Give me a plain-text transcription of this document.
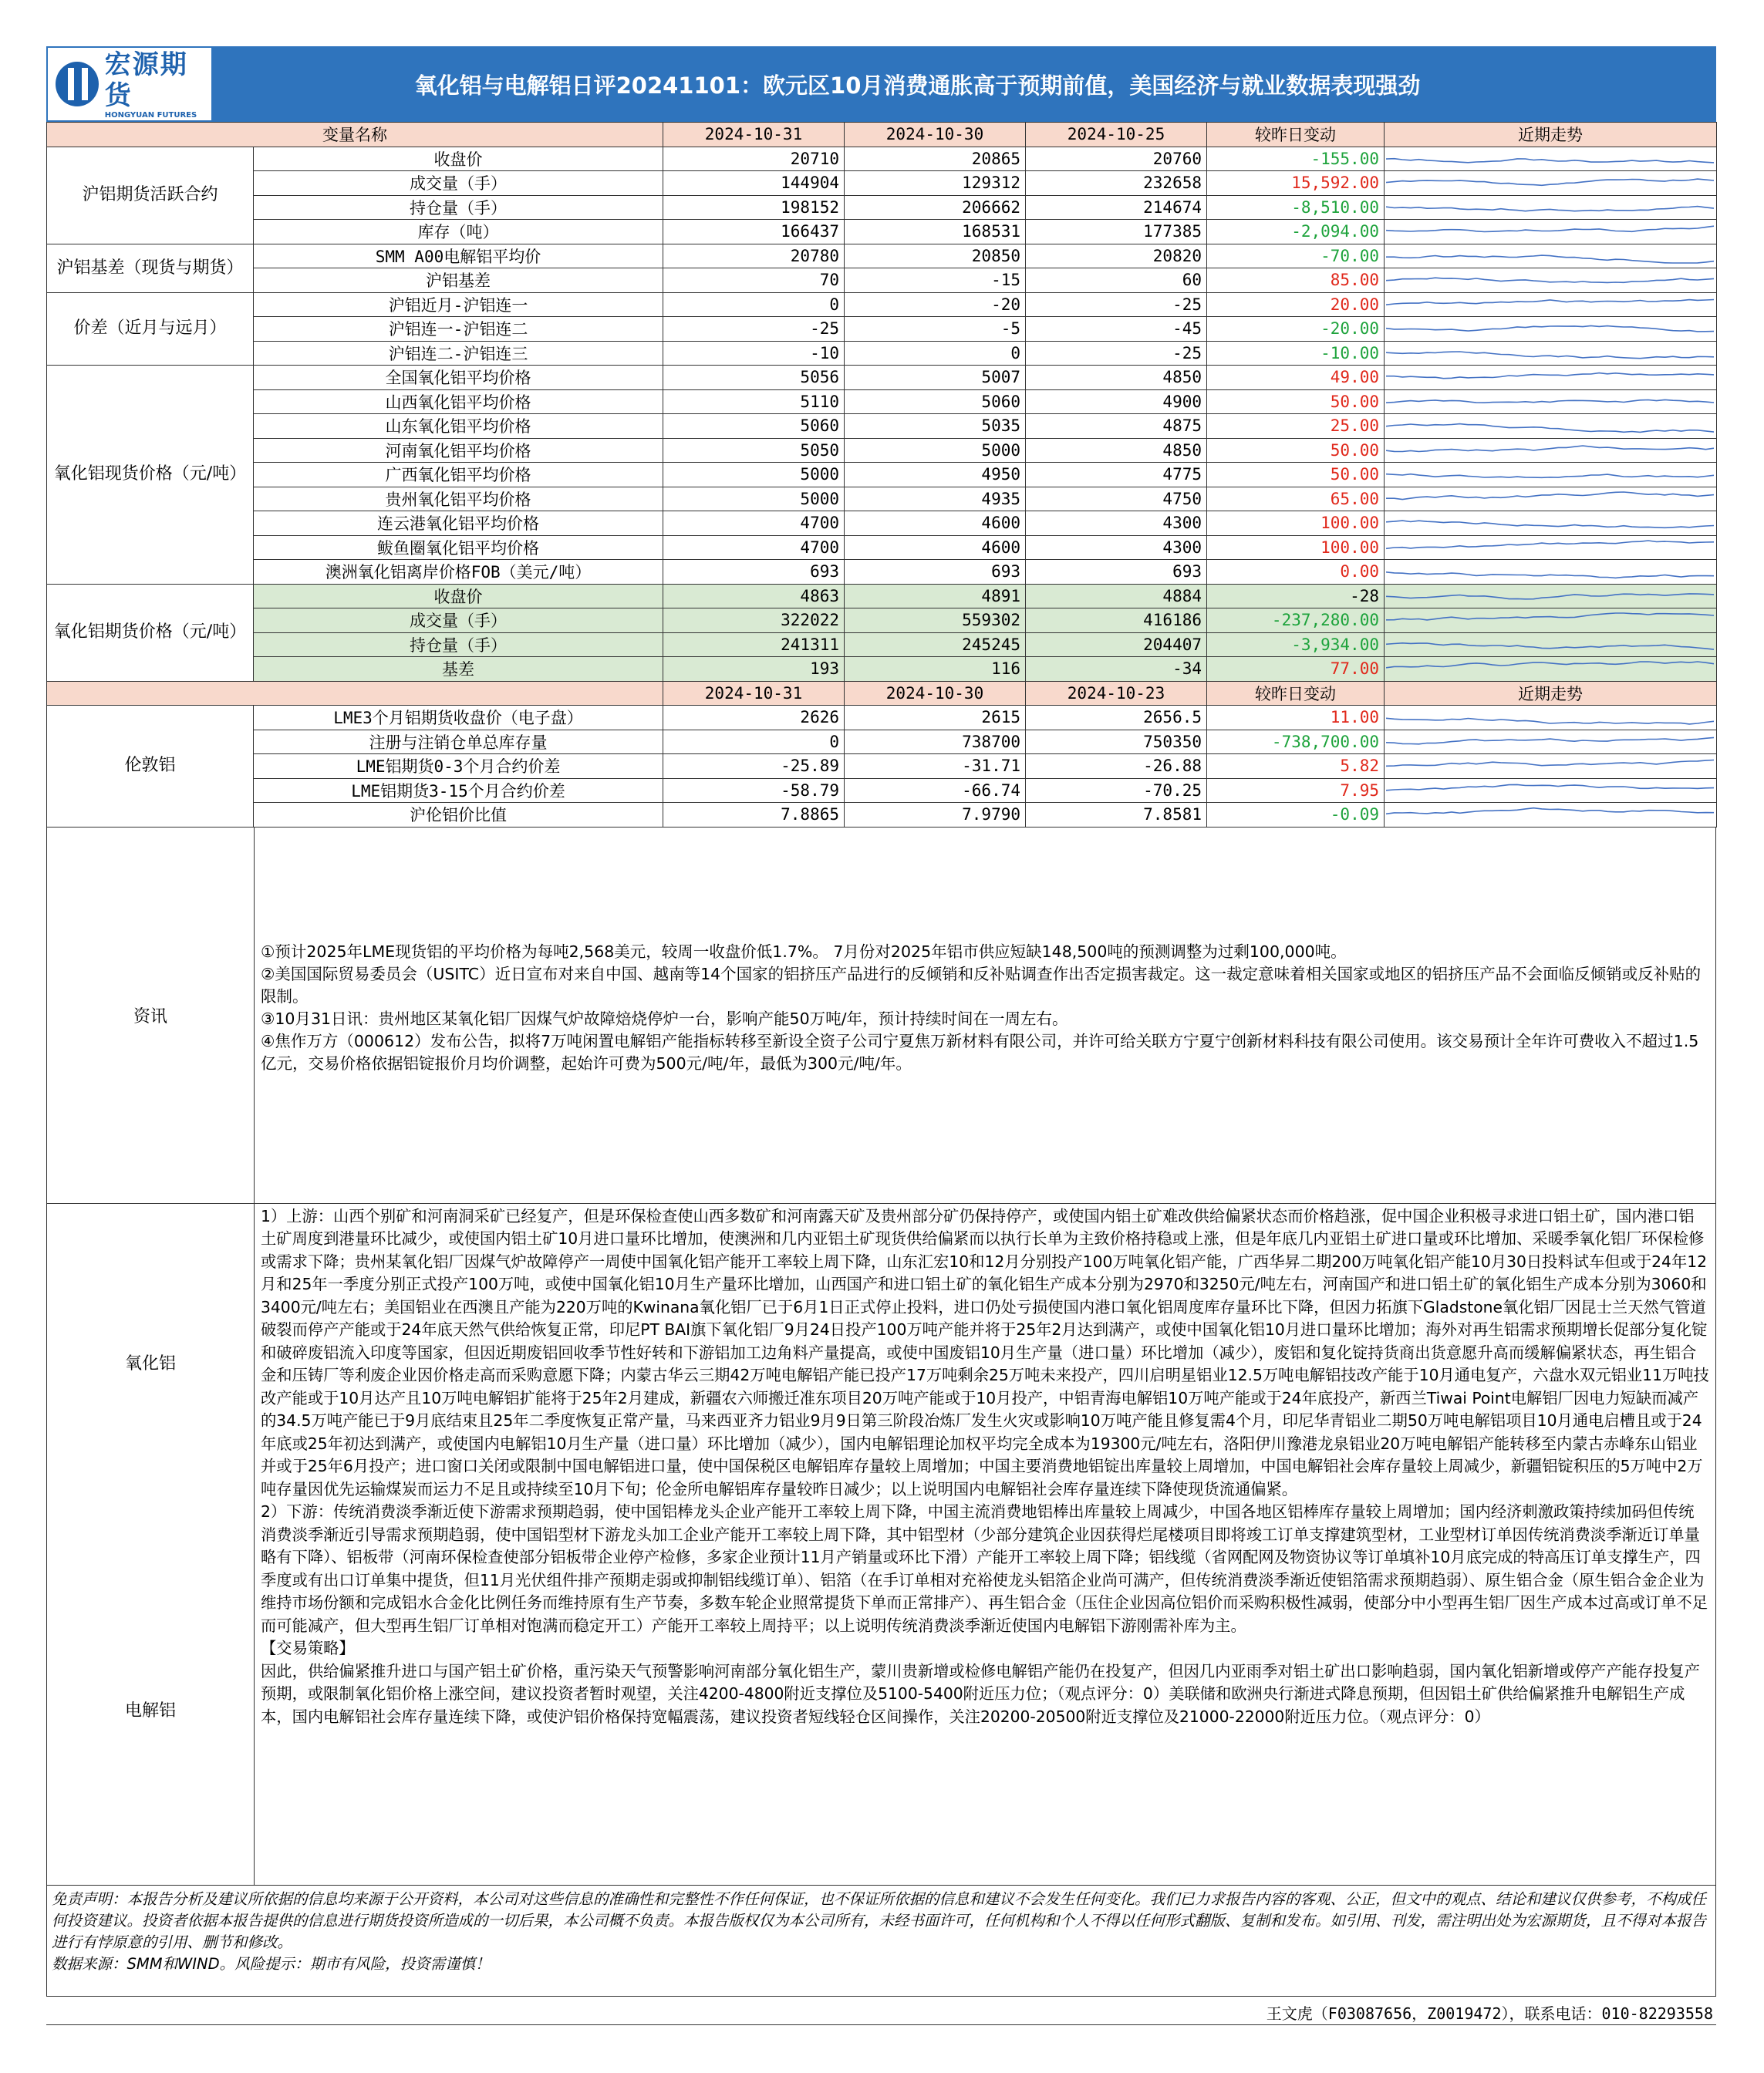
宏源期货
HONGYUAN FUTURES
氧化铝与电解铝日评20241101：欧元区10月消费通胀高于预期前值，美国经济与就业数据表现强劲
变量名称		2024-10-31	2024-10-30	2024-10-25	较昨日变动	近期走势
沪铝期货活跃合约	收盘价	20710	20865	20760	-155.00	

	成交量（手）	144904	129312	232658	15,592.00	

	持仓量（手）	198152	206662	214674	-8,510.00	

	库存（吨）	166437	168531	177385	-2,094.00	

沪铝基差（现货与期货）	SMM A00电解铝平均价	20780	20850	20820	-70.00	

	沪铝基差	70	-15	60	85.00	

价差（近月与远月）	沪铝近月-沪铝连一	0	-20	-25	20.00	

	沪铝连一-沪铝连二	-25	-5	-45	-20.00	

	沪铝连二-沪铝连三	-10	0	-25	-10.00	

氧化铝现货价格（元/吨）	全国氧化铝平均价格	5056	5007	4850	49.00	

	山西氧化铝平均价格	5110	5060	4900	50.00	

	山东氧化铝平均价格	5060	5035	4875	25.00	

	河南氧化铝平均价格	5050	5000	4850	50.00	

	广西氧化铝平均价格	5000	4950	4775	50.00	

	贵州氧化铝平均价格	5000	4935	4750	65.00	

	连云港氧化铝平均价格	4700	4600	4300	100.00	

	鲅鱼圈氧化铝平均价格	4700	4600	4300	100.00	

	澳洲氧化铝离岸价格FOB（美元/吨）	693	693	693	0.00	

氧化铝期货价格（元/吨）	收盘价	4863	4891	4884	-28	

	成交量（手）	322022	559302	416186	-237,280.00	

	持仓量（手）	241311	245245	204407	-3,934.00	

	基差	193	116	-34	77.00	

		2024-10-31	2024-10-30	2024-10-23	较昨日变动	近期走势
伦敦铝	LME3个月铝期货收盘价（电子盘）	2626	2615	2656.5	11.00	

	注册与注销仓单总库存量	0	738700	750350	-738,700.00	

	LME铝期货0-3个月合约价差	-25.89	-31.71	-26.88	5.82	

	LME铝期货3-15个月合约价差	-58.79	-66.74	-70.25	7.95	

	沪伦铝价比值	7.8865	7.9790	7.8581	-0.09	
资讯
①预计2025年LME现货铝的平均价格为每吨2,568美元，较周一收盘价低1.7%。 7月份对2025年铝市供应短缺148,500吨的预测调整为过剩100,000吨。
②美国国际贸易委员会（USITC）近日宣布对来自中国、越南等14个国家的铝挤压产品进行的反倾销和反补贴调查作出否定损害裁定。这一裁定意味着相关国家或地区的铝挤压产品不会面临反倾销或反补贴的限制。
③10月31日讯：贵州地区某氧化铝厂因煤气炉故障焙烧停炉一台，影响产能50万吨/年，预计持续时间在一周左右。
④焦作万方（000612）发布公告，拟将7万吨闲置电解铝产能指标转移至新设全资子公司宁夏焦万新材料有限公司，并许可给关联方宁夏宁创新材料科技有限公司使用。该交易预计全年许可费收入不超过1.5亿元，交易价格依据铝锭报价月均价调整，起始许可费为500元/吨/年，最低为300元/吨/年。
氧化铝
电解铝
1）上游：山西个别矿和河南洞采矿已经复产，但是环保检查使山西多数矿和河南露天矿及贵州部分矿仍保持停产，或使国内铝土矿难改供给偏紧状态而价格趋涨，促中国企业积极寻求进口铝土矿，国内港口铝土矿周度到港量环比减少，或使国内铝土矿10月进口量环比增加，使澳洲和几内亚铝土矿现货供给偏紧而以执行长单为主致价格持稳或上涨，但是年底几内亚铝土矿进口量或环比增加、采暖季氧化铝厂环保检修或需求下降；贵州某氧化铝厂因煤气炉故障停产一周使中国氧化铝产能开工率较上周下降，山东汇宏10和12月分别投产100万吨氧化铝产能，广西华昇二期200万吨氧化铝产能10月30日投料试车但或于24年12月和25年一季度分别正式投产100万吨，或使中国氧化铝10月生产量环比增加，山西国产和进口铝土矿的氧化铝生产成本分别为2970和3250元/吨左右，河南国产和进口铝土矿的氧化铝生产成本分别为3060和3400元/吨左右；美国铝业在西澳且产能为220万吨的Kwinana氧化铝厂已于6月1日正式停止投料，进口仍处亏损使国内港口氧化铝周度库存量环比下降，但因力拓旗下Gladstone氧化铝厂因昆士兰天然气管道破裂而停产产能或于24年底天然气供给恢复正常，印尼PT BAI旗下氧化铝厂9月24日投产100万吨产能并将于25年2月达到满产，或使中国氧化铝10月进口量环比增加；海外对再生铝需求预期增长促部分复化锭和破碎废铝流入印度等国家，但因近期废铝回收季节性好转和下游铝加工边角料产量提高，或使中国废铝10月生产量（进口量）环比增加（减少），废铝和复化锭持货商出货意愿升高而缓解偏紧状态，再生铝合金和压铸厂等利废企业因价格走高而采购意愿下降；内蒙古华云三期42万吨电解铝产能已投产17万吨剩余25万吨未来投产，四川启明星铝业12.5万吨电解铝技改产能于10月通电复产，六盘水双元铝业11万吨技改产能或于10月达产且10万吨电解铝扩能将于25年2月建成，新疆农六师搬迁准东项目20万吨产能或于10月投产，中铝青海电解铝10万吨产能或于24年底投产，新西兰Tiwai Point电解铝厂因电力短缺而减产的34.5万吨产能已于9月底结束且25年二季度恢复正常产量，马来西亚齐力铝业9月9日第三阶段冶炼厂发生火灾或影响10万吨产能且修复需4个月，印尼华青铝业二期50万吨电解铝项目10月通电启槽且或于24年底或25年初达到满产，或使国内电解铝10月生产量（进口量）环比增加（减少），国内电解铝理论加权平均完全成本为19300元/吨左右，洛阳伊川豫港龙泉铝业20万吨电解铝产能转移至内蒙古赤峰东山铝业并或于25年6月投产；进口窗口关闭或限制中国电解铝进口量，使中国保税区电解铝库存量较上周增加；中国主要消费地铝锭出库量较上周增加，中国电解铝社会库存量较上周减少，新疆铝锭积压的5万吨中2万吨存量因优先运输煤炭而运力不足且或持续至10月下旬；伦金所电解铝库存量较昨日减少；以上说明国内电解铝社会库存量连续下降使现货流通偏紧。
2）下游：传统消费淡季渐近使下游需求预期趋弱，使中国铝棒龙头企业产能开工率较上周下降，中国主流消费地铝棒出库量较上周减少，中国各地区铝棒库存量较上周增加；国内经济刺激政策持续加码但传统消费淡季渐近引导需求预期趋弱，使中国铝型材下游龙头加工企业产能开工率较上周下降，其中铝型材（少部分建筑企业因获得烂尾楼项目即将竣工订单支撑建筑型材，工业型材订单因传统消费淡季渐近订单量略有下降）、铝板带（河南环保检查使部分铝板带企业停产检修，多家企业预计11月产销量或环比下滑）产能开工率较上周下降；铝线缆（省网配网及物资协议等订单填补10月底完成的特高压订单支撑生产，四季度或有出口订单集中提货，但11月光伏组件排产预期走弱或抑制铝线缆订单）、铝箔（在手订单相对充裕使龙头铝箔企业尚可满产，但传统消费淡季渐近使铝箔需求预期趋弱）、原生铝合金（原生铝合金企业为维持市场份额和完成铝水合金化比例任务而维持原有生产节奏，多数车轮企业照常提货下单而正常排产）、再生铝合金（压住企业因高位铝价而采购积极性减弱，使部分中小型再生铝厂因生产成本过高或订单不足而可能减产，但大型再生铝厂订单相对饱满而稳定开工）产能开工率较上周持平；以上说明传统消费淡季渐近使国内电解铝下游刚需补库为主。
【交易策略】
因此，供给偏紧推升进口与国产铝土矿价格，重污染天气预警影响河南部分氧化铝生产，蒙川贵新增或检修电解铝产能仍在投复产，但因几内亚雨季对铝土矿出口影响趋弱，国内氧化铝新增或停产产能存投复产预期，或限制氧化铝价格上涨空间，建议投资者暂时观望，关注4200-4800附近支撑位及5100-5400附近压力位；（观点评分：0）美联储和欧洲央行渐进式降息预期，但因铝土矿供给偏紧推升电解铝生产成本，国内电解铝社会库存量连续下降，或使沪铝价格保持宽幅震荡，建议投资者短线轻仓区间操作，关注20200-20500附近支撑位及21000-22000附近压力位。（观点评分：0）
免责声明：本报告分析及建议所依据的信息均来源于公开资料，本公司对这些信息的准确性和完整性不作任何保证，也不保证所依据的信息和建议不会发生任何变化。我们已力求报告内容的客观、公正，但文中的观点、结论和建议仅供参考，不构成任何投资建议。投资者依据本报告提供的信息进行期货投资所造成的一切后果，本公司概不负责。本报告版权仅为本公司所有，未经书面许可，任何机构和个人不得以任何形式翻版、复制和发布。如引用、刊发，需注明出处为宏源期货，且不得对本报告进行有悖原意的引用、删节和修改。
数据来源：SMM和WIND。风险提示：期市有风险，投资需谨慎！
王文虎（F03087656，Z0019472），联系电话：010-82293558
